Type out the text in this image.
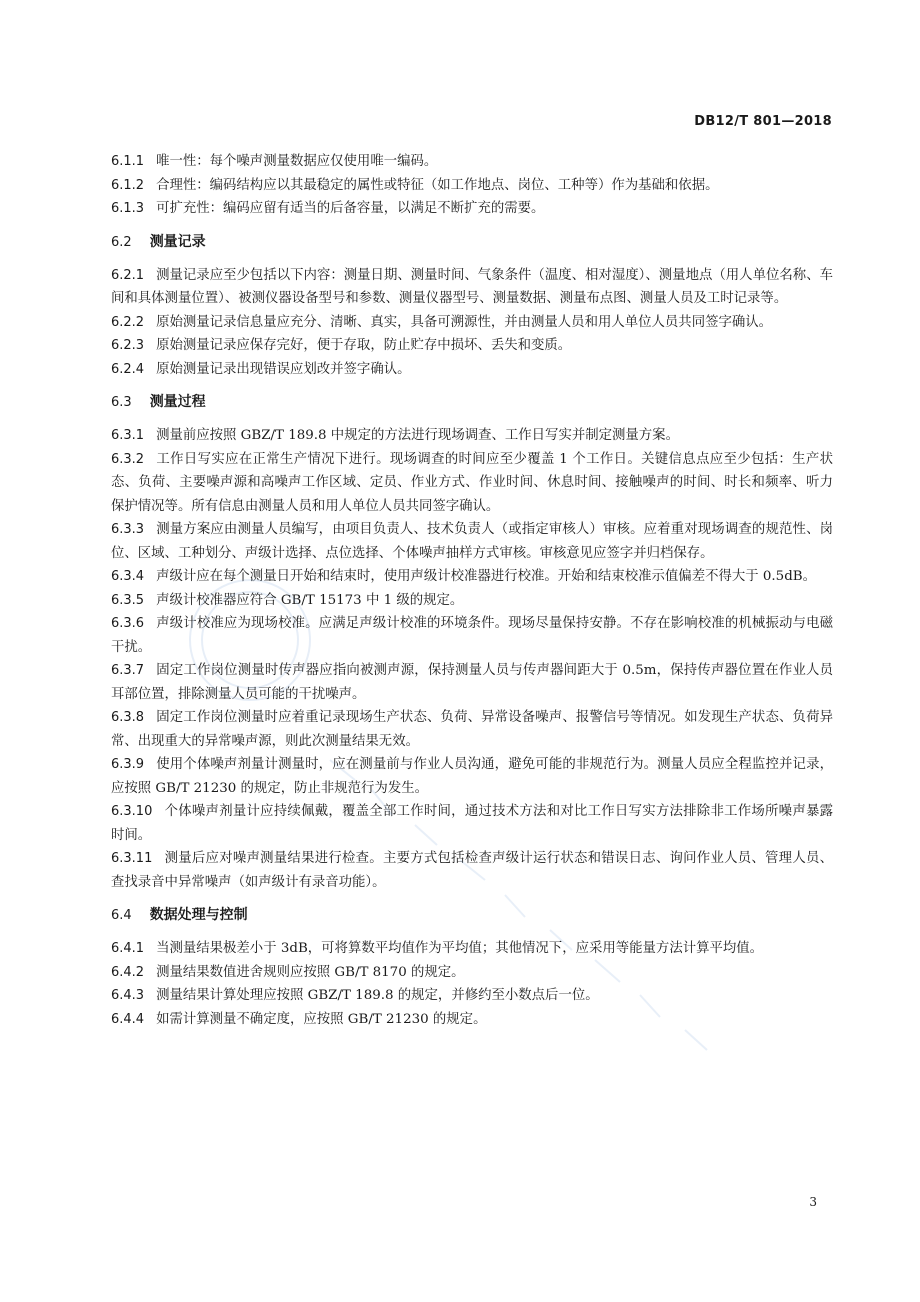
DB12/T 801—2018

6.1.1 唯一性：每个噪声测量数据应仅使用唯一编码。

6.1.2 合理性：编码结构应以其最稳定的属性或特征（如工作地点、岗位、工种等）作为基础和依据。

6.1.3 可扩充性：编码应留有适当的后备容量，以满足不断扩充的需要。

6.2 测量记录

6.2.1 测量记录应至少包括以下内容：测量日期、测量时间、气象条件（温度、相对湿度）、测量地点（用人单位名称、车间和具体测量位置）、被测仪器设备型号和参数、测量仪器型号、测量数据、测量布点图、测量人员及工时记录等。

6.2.2 原始测量记录信息量应充分、清晰、真实，具备可溯源性，并由测量人员和用人单位人员共同签字确认。

6.2.3 原始测量记录应保存完好，便于存取，防止贮存中损坏、丢失和变质。

6.2.4 原始测量记录出现错误应划改并签字确认。

6.3 测量过程

6.3.1 测量前应按照 GBZ/T 189.8 中规定的方法进行现场调查、工作日写实并制定测量方案。

6.3.2 工作日写实应在正常生产情况下进行。现场调查的时间应至少覆盖 1 个工作日。关键信息点应至少包括：生产状态、负荷、主要噪声源和高噪声工作区域、定员、作业方式、作业时间、休息时间、接触噪声的时间、时长和频率、听力保护情况等。所有信息由测量人员和用人单位人员共同签字确认。

6.3.3 测量方案应由测量人员编写，由项目负责人、技术负责人（或指定审核人）审核。应着重对现场调查的规范性、岗位、区域、工种划分、声级计选择、点位选择、个体噪声抽样方式审核。审核意见应签字并归档保存。

6.3.4 声级计应在每个测量日开始和结束时，使用声级计校准器进行校准。开始和结束校准示值偏差不得大于 0.5dB。

6.3.5 声级计校准器应符合 GB/T 15173 中 1 级的规定。

6.3.6 声级计校准应为现场校准。应满足声级计校准的环境条件。现场尽量保持安静。不存在影响校准的机械振动与电磁干扰。

6.3.7 固定工作岗位测量时传声器应指向被测声源，保持测量人员与传声器间距大于 0.5m，保持传声器位置在作业人员耳部位置，排除测量人员可能的干扰噪声。

6.3.8 固定工作岗位测量时应着重记录现场生产状态、负荷、异常设备噪声、报警信号等情况。如发现生产状态、负荷异常、出现重大的异常噪声源，则此次测量结果无效。

6.3.9 使用个体噪声剂量计测量时，应在测量前与作业人员沟通，避免可能的非规范行为。测量人员应全程监控并记录，应按照 GB/T 21230 的规定，防止非规范行为发生。

6.3.10 个体噪声剂量计应持续佩戴，覆盖全部工作时间，通过技术方法和对比工作日写实方法排除非工作场所噪声暴露时间。

6.3.11 测量后应对噪声测量结果进行检查。主要方式包括检查声级计运行状态和错误日志、询问作业人员、管理人员、查找录音中异常噪声（如声级计有录音功能）。

6.4 数据处理与控制

6.4.1 当测量结果极差小于 3dB，可将算数平均值作为平均值；其他情况下，应采用等能量方法计算平均值。

6.4.2 测量结果数值进舍规则应按照 GB/T 8170 的规定。

6.4.3 测量结果计算处理应按照 GBZ/T 189.8 的规定，并修约至小数点后一位。

6.4.4 如需计算测量不确定度，应按照 GB/T 21230 的规定。

3
